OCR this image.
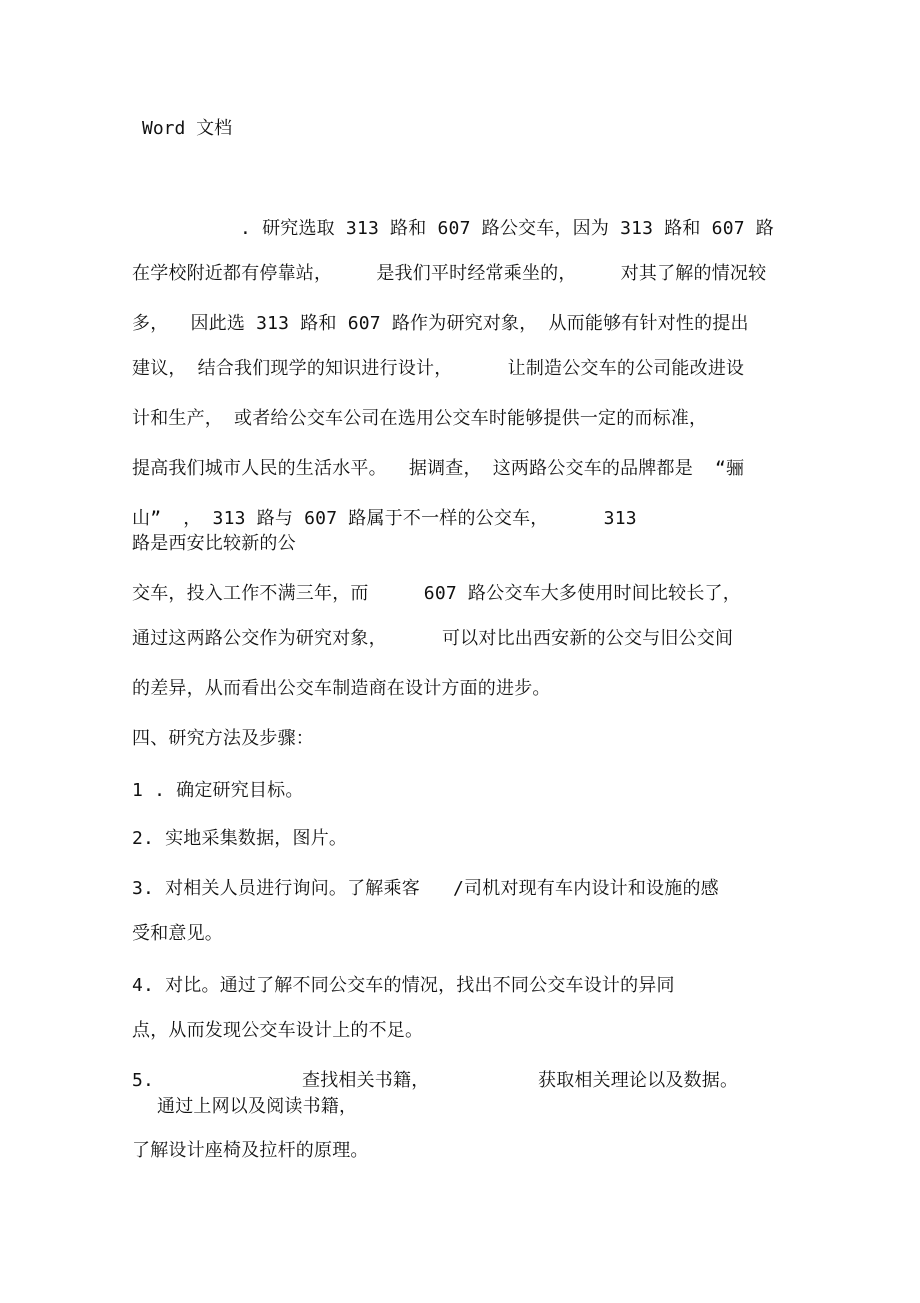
Word 文档
. 研究选取 313 路和 607 路公交车，因为 313 路和 607 路
在学校附近都有停靠站，    是我们平时经常乘坐的，    对其了解的情况较
多，  因此选 313 路和 607 路作为研究对象， 从而能够有针对性的提出
建议， 结合我们现学的知识进行设计，     让制造公交车的公司能改进设
计和生产， 或者给公交车公司在选用公交车时能够提供一定的而标准，
提高我们城市人民的生活水平。  据调查， 这两路公交车的品牌都是  “骊
山”  ， 313 路与 607 路属于不一样的公交车，     313
路是西安比较新的公
交车，投入工作不满三年，而     607 路公交车大多使用时间比较长了，
通过这两路公交作为研究对象，     可以对比出西安新的公交与旧公交间
的差异，从而看出公交车制造商在设计方面的进步。
四、研究方法及步骤：
1 . 确定研究目标。
2. 实地采集数据，图片。
3. 对相关人员进行询问。了解乘客   /司机对现有车内设计和设施的感
受和意见。
4. 对比。通过了解不同公交车的情况，找出不同公交车设计的异同
点，从而发现公交车设计上的不足。
5.	查找相关书籍，	获取相关理论以及数据。
通过上网以及阅读书籍，
了解设计座椅及拉杆的原理。
